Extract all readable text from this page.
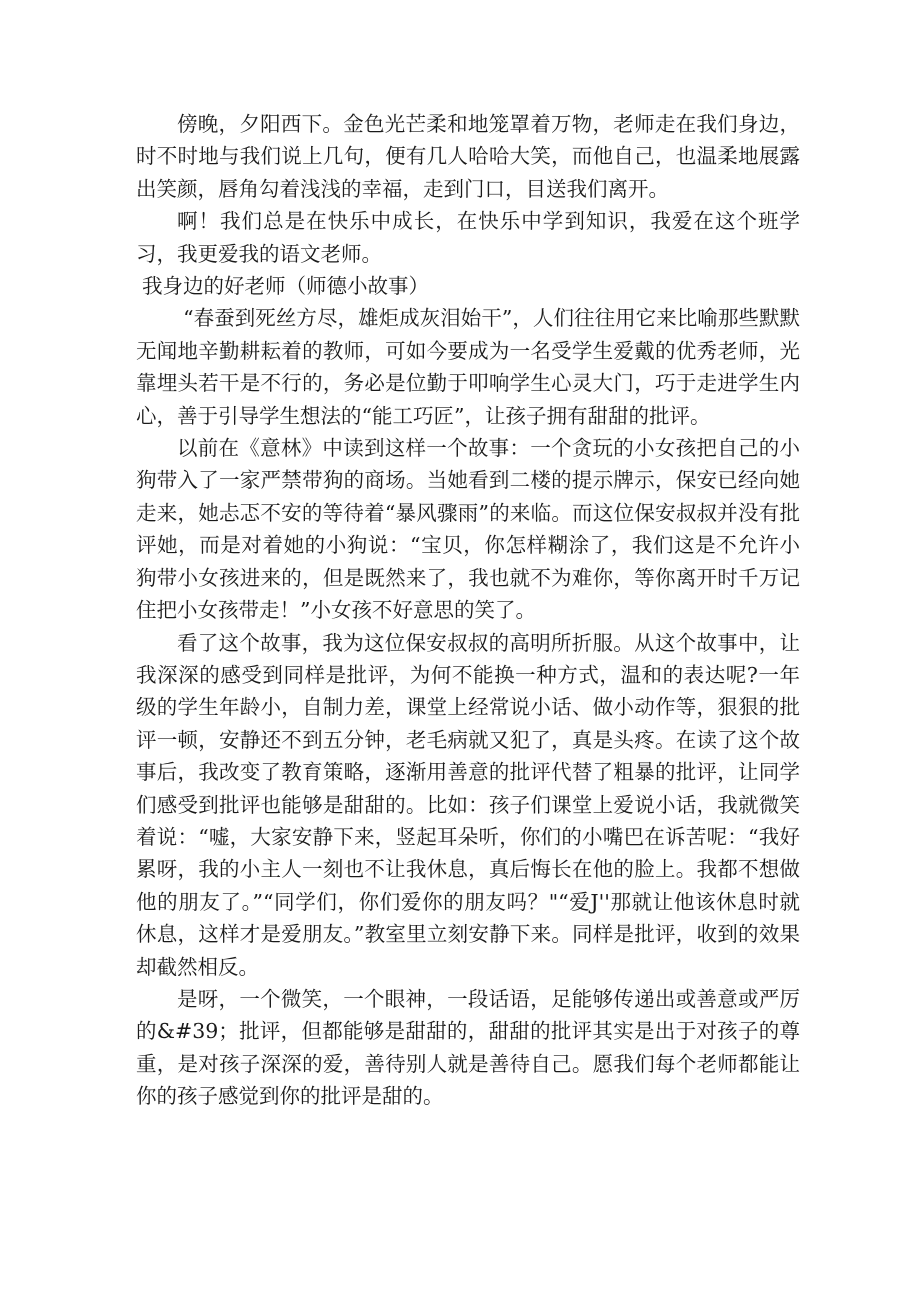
傍晚，夕阳西下。金色光芒柔和地笼罩着万物，老师走在我们身边，时不时地与我们说上几句，便有几人哈哈大笑，而他自己，也温柔地展露出笑颜，唇角勾着浅浅的幸福，走到门口，目送我们离开。

啊！我们总是在快乐中成长，在快乐中学到知识，我爱在这个班学习，我更爱我的语文老师。

我身边的好老师（师德小故事）

“春蚕到死丝方尽，雄炬成灰泪始干”，人们往往用它来比喻那些默默无闻地辛勤耕耘着的教师，可如今要成为一名受学生爱戴的优秀老师，光靠埋头若干是不行的，务必是位勤于叩响学生心灵大门，巧于走进学生内心，善于引导学生想法的“能工巧匠”，让孩子拥有甜甜的批评。

以前在《意林》中读到这样一个故事：一个贪玩的小女孩把自己的小狗带入了一家严禁带狗的商场。当她看到二楼的提示牌示，保安已经向她走来，她忐忑不安的等待着“暴风骤雨”的来临。而这位保安叔叔并没有批评她，而是对着她的小狗说：“宝贝，你怎样糊涂了，我们这是不允许小狗带小女孩进来的，但是既然来了，我也就不为难你，等你离开时千万记住把小女孩带走！”小女孩不好意思的笑了。

看了这个故事，我为这位保安叔叔的高明所折服。从这个故事中，让我深深的感受到同样是批评，为何不能换一种方式，温和的表达呢?一年级的学生年龄小，自制力差，课堂上经常说小话、做小动作等，狠狠的批评一顿，安静还不到五分钟，老毛病就又犯了，真是头疼。在读了这个故事后，我改变了教育策略，逐渐用善意的批评代替了粗暴的批评，让同学们感受到批评也能够是甜甜的。比如：孩子们课堂上爱说小话，我就微笑着说：“嘘，大家安静下来，竖起耳朵听，你们的小嘴巴在诉苦呢：“我好累呀，我的小主人一刻也不让我休息，真后悔长在他的脸上。我都不想做他的朋友了。”“同学们，你们爱你的朋友吗？"“爱J''那就让他该休息时就休息，这样才是爱朋友。”教室里立刻安静下来。同样是批评，收到的效果却截然相反。

是呀，一个微笑，一个眼神，一段话语，足能够传递出或善意或严厉的&#39；批评，但都能够是甜甜的，甜甜的批评其实是出于对孩子的尊重，是对孩子深深的爱，善待别人就是善待自己。愿我们每个老师都能让你的孩子感觉到你的批评是甜的。
